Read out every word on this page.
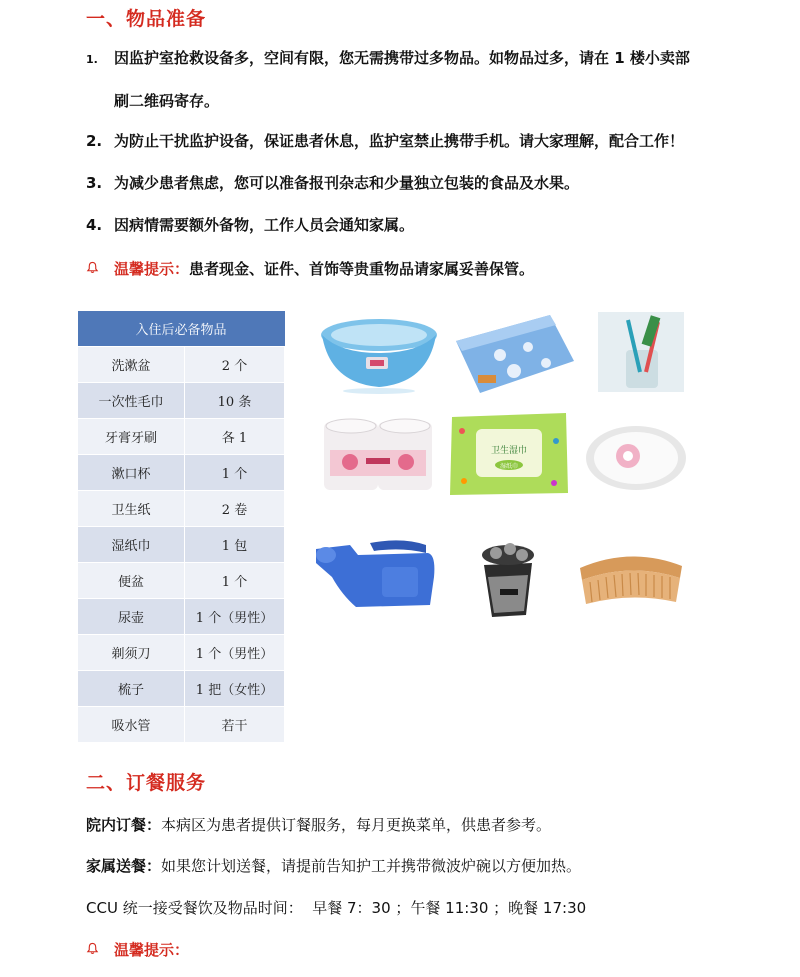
一、物品准备
1. 因监护室抢救设备多，空间有限，您无需携带过多物品。如物品过多，请在 1 楼小卖部
刷二维码寄存。
2. 为防止干扰监护设备，保证患者休息，监护室禁止携带手机。请大家理解，配合工作！
3. 为减少患者焦虑，您可以准备报刊杂志和少量独立包装的食品及水果。
4. 因病情需要额外备物，工作人员会通知家属。
温馨提示：患者现金、证件、首饰等贵重物品请家属妥善保管。
入住后必备物品	
洗漱盆	2 个
一次性毛巾	10 条
牙膏牙刷	各 1
漱口杯	1 个
卫生纸	2 卷
湿纸巾	1 包
便盆	1 个
尿壶	1 个（男性）
剃须刀	1 个（男性）
梳子	1 把（女性）
吸水管	若干
卫生湿巾
湿纸巾
二、订餐服务
院内订餐：本病区为患者提供订餐服务，每月更换菜单，供患者参考。
家属送餐：如果您计划送餐，请提前告知护工并携带微波炉碗以方便加热。
CCU 统一接受餐饮及物品时间：  早餐 7：30 ；午餐 11:30 ；晚餐 17:30
温馨提示：
